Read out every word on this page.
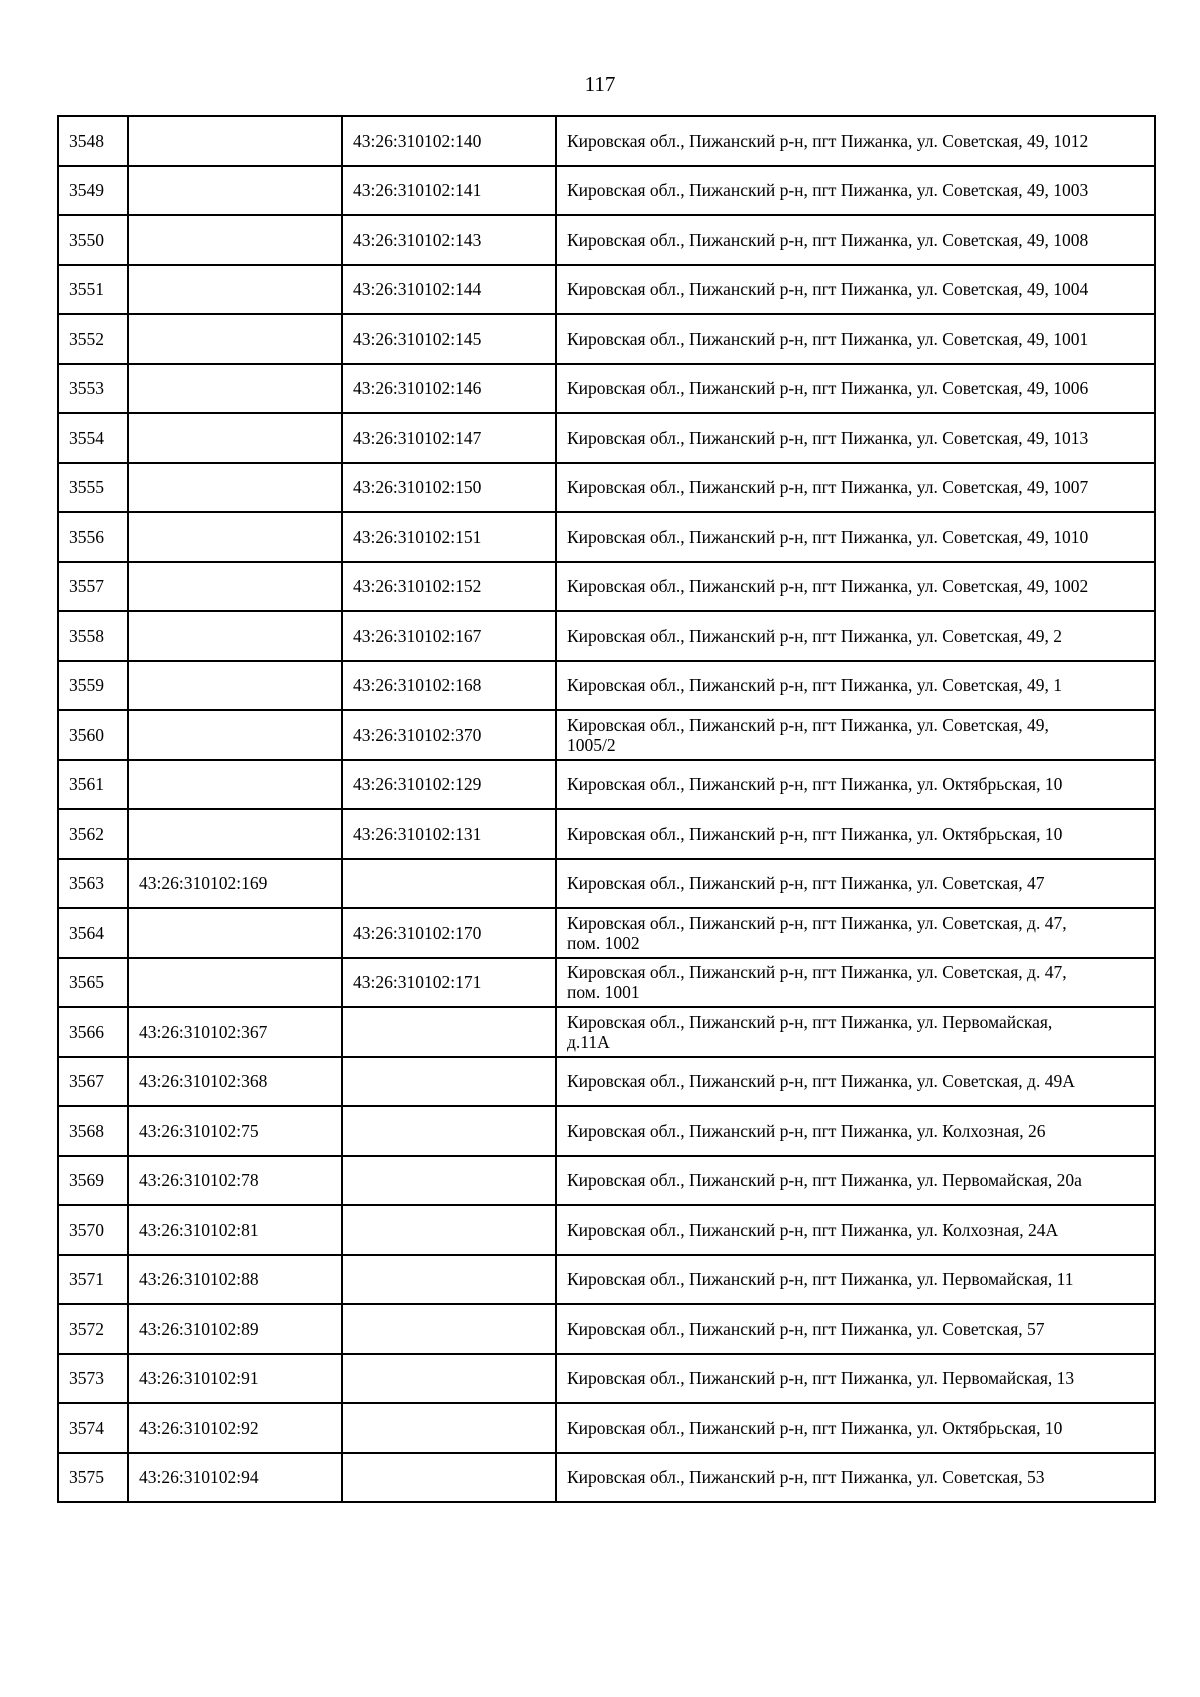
117
3548		43:26:310102:140	Кировская обл., Пижанский р-н, пгт Пижанка, ул. Советская, 49, 1012
3549		43:26:310102:141	Кировская обл., Пижанский р-н, пгт Пижанка, ул. Советская, 49, 1003
3550		43:26:310102:143	Кировская обл., Пижанский р-н, пгт Пижанка, ул. Советская, 49, 1008
3551		43:26:310102:144	Кировская обл., Пижанский р-н, пгт Пижанка, ул. Советская, 49, 1004
3552		43:26:310102:145	Кировская обл., Пижанский р-н, пгт Пижанка, ул. Советская, 49, 1001
3553		43:26:310102:146	Кировская обл., Пижанский р-н, пгт Пижанка, ул. Советская, 49, 1006
3554		43:26:310102:147	Кировская обл., Пижанский р-н, пгт Пижанка, ул. Советская, 49, 1013
3555		43:26:310102:150	Кировская обл., Пижанский р-н, пгт Пижанка, ул. Советская, 49, 1007
3556		43:26:310102:151	Кировская обл., Пижанский р-н, пгт Пижанка, ул. Советская, 49, 1010
3557		43:26:310102:152	Кировская обл., Пижанский р-н, пгт Пижанка, ул. Советская, 49, 1002
3558		43:26:310102:167	Кировская обл., Пижанский р-н, пгт Пижанка, ул. Советская, 49, 2
3559		43:26:310102:168	Кировская обл., Пижанский р-н, пгт Пижанка, ул. Советская, 49, 1
3560		43:26:310102:370	Кировская обл., Пижанский р-н, пгт Пижанка, ул. Советская, 49,
1005/2
3561		43:26:310102:129	Кировская обл., Пижанский р-н, пгт Пижанка, ул. Октябрьская, 10
3562		43:26:310102:131	Кировская обл., Пижанский р-н, пгт Пижанка, ул. Октябрьская, 10
3563	43:26:310102:169		Кировская обл., Пижанский р-н, пгт Пижанка, ул. Советская, 47
3564		43:26:310102:170	Кировская обл., Пижанский р-н, пгт Пижанка, ул. Советская, д. 47,
пом. 1002
3565		43:26:310102:171	Кировская обл., Пижанский р-н, пгт Пижанка, ул. Советская, д. 47,
пом. 1001
3566	43:26:310102:367		Кировская обл., Пижанский р-н, пгт Пижанка, ул. Первомайская,
д.11А
3567	43:26:310102:368		Кировская обл., Пижанский р-н, пгт Пижанка, ул. Советская, д. 49А
3568	43:26:310102:75		Кировская обл., Пижанский р-н, пгт Пижанка, ул. Колхозная, 26
3569	43:26:310102:78		Кировская обл., Пижанский р-н, пгт Пижанка, ул. Первомайская, 20а
3570	43:26:310102:81		Кировская обл., Пижанский р-н, пгт Пижанка, ул. Колхозная, 24А
3571	43:26:310102:88		Кировская обл., Пижанский р-н, пгт Пижанка, ул. Первомайская, 11
3572	43:26:310102:89		Кировская обл., Пижанский р-н, пгт Пижанка, ул. Советская, 57
3573	43:26:310102:91		Кировская обл., Пижанский р-н, пгт Пижанка, ул. Первомайская, 13
3574	43:26:310102:92		Кировская обл., Пижанский р-н, пгт Пижанка, ул. Октябрьская, 10
3575	43:26:310102:94		Кировская обл., Пижанский р-н, пгт Пижанка, ул. Советская, 53
